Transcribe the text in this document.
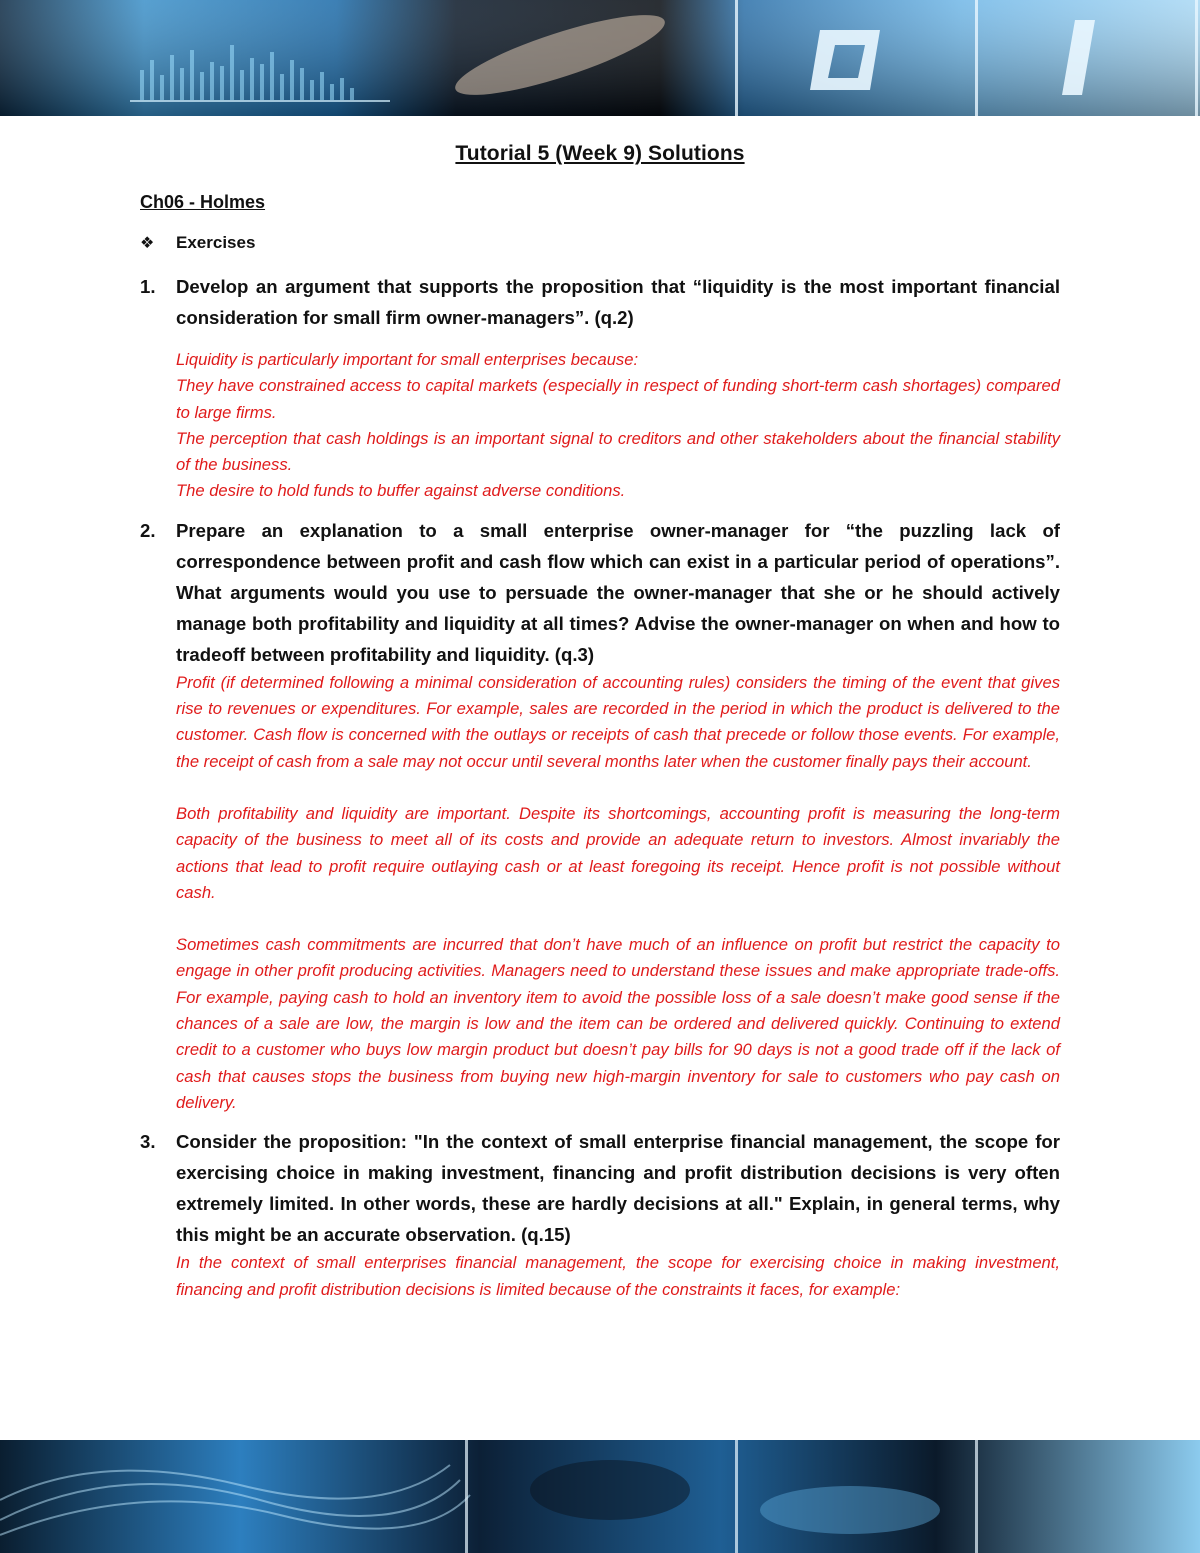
Tutorial 5 (Week 9) Solutions
Ch06 - Holmes
❖	Exercises
1.	Develop an argument that supports the proposition that “liquidity is the most important financial consideration for small firm owner-managers”. (q.2)

Liquidity is particularly important for small enterprises because:

They have constrained access to capital markets (especially in respect of funding short-term cash shortages) compared to large firms.

The perception that cash holdings is an important signal to creditors and other stakeholders about the financial stability of the business.

The desire to hold funds to buffer against adverse conditions.

2.	Prepare an explanation to a small enterprise owner-manager for “the puzzling lack of correspondence between profit and cash flow which can exist in a particular period of operations”. What arguments would you use to persuade the owner-manager that she or he should actively manage both profitability and liquidity at all times? Advise the owner-manager on when and how to tradeoff between profitability and liquidity. (q.3)

Profit (if determined following a minimal consideration of accounting rules) considers the timing of the event that gives rise to revenues or expenditures. For example, sales are recorded in the period in which the product is delivered to the customer. Cash flow is concerned with the outlays or receipts of cash that precede or follow those events. For example, the receipt of cash from a sale may not occur until several months later when the customer finally pays their account.

Both profitability and liquidity are important. Despite its shortcomings, accounting profit is measuring the long-term capacity of the business to meet all of its costs and provide an adequate return to investors. Almost invariably the actions that lead to profit require outlaying cash or at least foregoing its receipt. Hence profit is not possible without cash.

Sometimes cash commitments are incurred that don’t have much of an influence on profit but restrict the capacity to engage in other profit producing activities. Managers need to understand these issues and make appropriate trade-offs. For example, paying cash to hold an inventory item to avoid the possible loss of a sale doesn’t make good sense if the chances of a sale are low, the margin is low and the item can be ordered and delivered quickly. Continuing to extend credit to a customer who buys low margin product but doesn’t pay bills for 90 days is not a good trade off if the lack of cash that causes stops the business from buying new high-margin inventory for sale to customers who pay cash on delivery.

3.	Consider the proposition: "In the context of small enterprise financial management, the scope for exercising choice in making investment, financing and profit distribution decisions is very often extremely limited. In other words, these are hardly decisions at all." Explain, in general terms, why this might be an accurate observation. (q.15)

In the context of small enterprises financial management, the scope for exercising choice in making investment, financing and profit distribution decisions is limited because of the constraints it faces, for example:
